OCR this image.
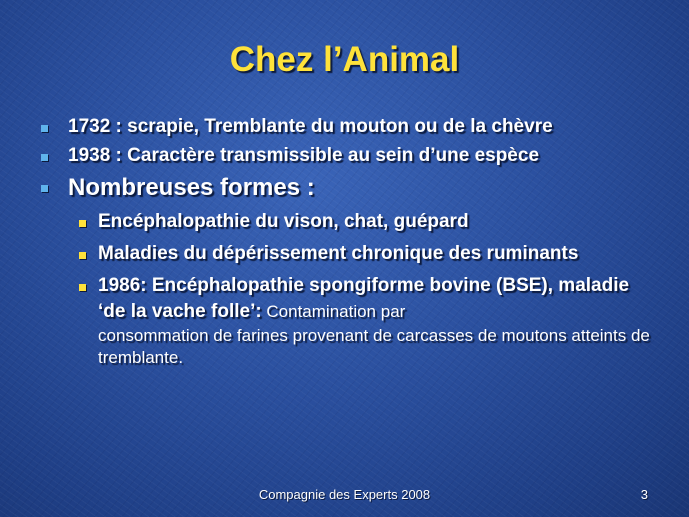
Chez l’Animal
1732 : scrapie, Tremblante du mouton ou de la chèvre
1938 : Caractère transmissible au sein d’une espèce
Nombreuses formes :
Encéphalopathie du vison, chat, guépard
Maladies du dépérissement chronique des ruminants
1986: Encéphalopathie spongiforme bovine (BSE), maladie ‘de la vache folle’: Contamination par
consommation de farines provenant de carcasses de moutons atteints de tremblante.
Compagnie des Experts 2008	3
